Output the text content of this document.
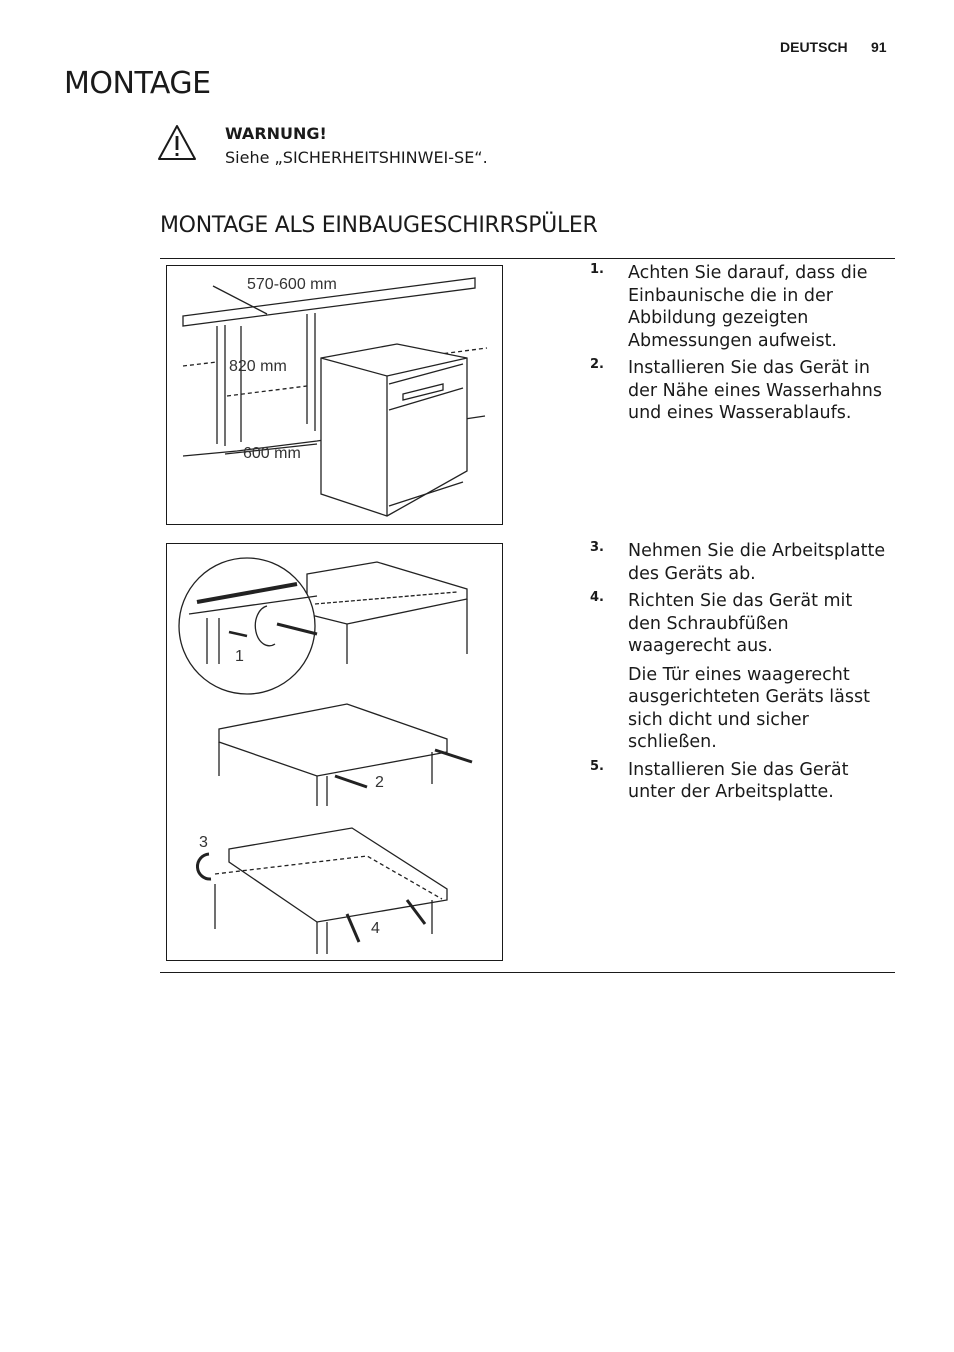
DEUTSCH 91
MONTAGE
WARNUNG!
Siehe „SICHERHEITSHINWEI-SE“.
MONTAGE ALS EINBAUGESCHIRRSPÜLER
570-600 mm
820 mm
600 mm
1. Achten Sie darauf, dass die Einbaunische die in der Abbildung gezeigten Abmessungen aufweist.
2. Installieren Sie das Gerät in der Nähe eines Wasserhahns und eines Wasserablaufs.
1
2
3
4
3. Nehmen Sie die Arbeitsplatte des Geräts ab.
4. Richten Sie das Gerät mit den Schraubfüßen waagerecht aus.
Die Tür eines waagerecht ausgerichteten Geräts lässt sich dicht und sicher schließen.
5. Installieren Sie das Gerät unter der Arbeitsplatte.
